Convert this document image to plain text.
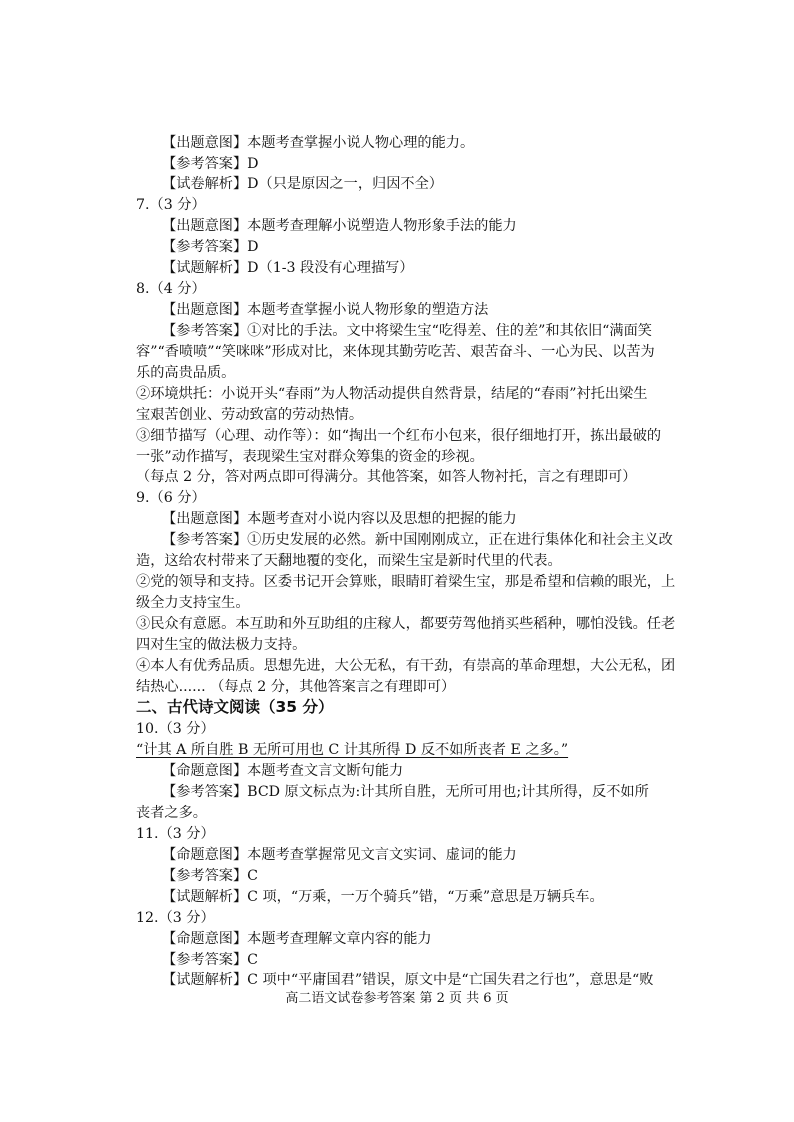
【出题意图】本题考查掌握小说人物心理的能力。
【参考答案】D
【试卷解析】D（只是原因之一，归因不全）
7.（3 分）
【出题意图】本题考查理解小说塑造人物形象手法的能力
【参考答案】D
【试题解析】D（1-3 段没有心理描写）
8.（4 分）
【出题意图】本题考查掌握小说人物形象的塑造方法
【参考答案】①对比的手法。文中将梁生宝“吃得差、住的差”和其依旧“满面笑
容”“香喷喷”“笑咪咪”形成对比，来体现其勤劳吃苦、艰苦奋斗、一心为民、以苦为
乐的高贵品质。
②环境烘托：小说开头“春雨”为人物活动提供自然背景，结尾的“春雨”衬托出梁生
宝艰苦创业、劳动致富的劳动热情。
③细节描写（心理、动作等）：如“掏出一个红布小包来，很仔细地打开，拣出最破的
一张”动作描写，表现梁生宝对群众筹集的资金的珍视。
（每点 2 分，答对两点即可得满分。其他答案，如答人物衬托，言之有理即可）
9.（6 分）
【出题意图】本题考查对小说内容以及思想的把握的能力
【参考答案】①历史发展的必然。新中国刚刚成立，正在进行集体化和社会主义改
造，这给农村带来了天翻地覆的变化，而梁生宝是新时代里的代表。
②党的领导和支持。区委书记开会算账，眼睛盯着梁生宝，那是希望和信赖的眼光，上
级全力支持宝生。
③民众有意愿。本互助和外互助组的庄稼人，都要劳驾他捎买些稻种，哪怕没钱。任老
四对生宝的做法极力支持。
④本人有优秀品质。思想先进，大公无私，有干劲，有崇高的革命理想，大公无私，团
结热心...... （每点 2 分，其他答案言之有理即可）
二、古代诗文阅读（35 分）
10.（3 分）
“计其 A 所自胜 B 无所可用也 C 计其所得 D 反不如所丧者 E 之多。”
【命题意图】本题考查文言文断句能力
【参考答案】BCD 原文标点为:计其所自胜，无所可用也;计其所得，反不如所
丧者之多。
11.（3 分）
【命题意图】本题考查掌握常见文言文实词、虚词的能力
【参考答案】C
【试题解析】C 项，“万乘，一万个骑兵”错，“万乘”意思是万辆兵车。
12.（3 分）
【命题意图】本题考查理解文章内容的能力
【参考答案】C
【试题解析】C 项中“平庸国君”错误，原文中是“亡国失君之行也”，意思是“败
高二语文试卷参考答案 第 2 页 共 6 页
